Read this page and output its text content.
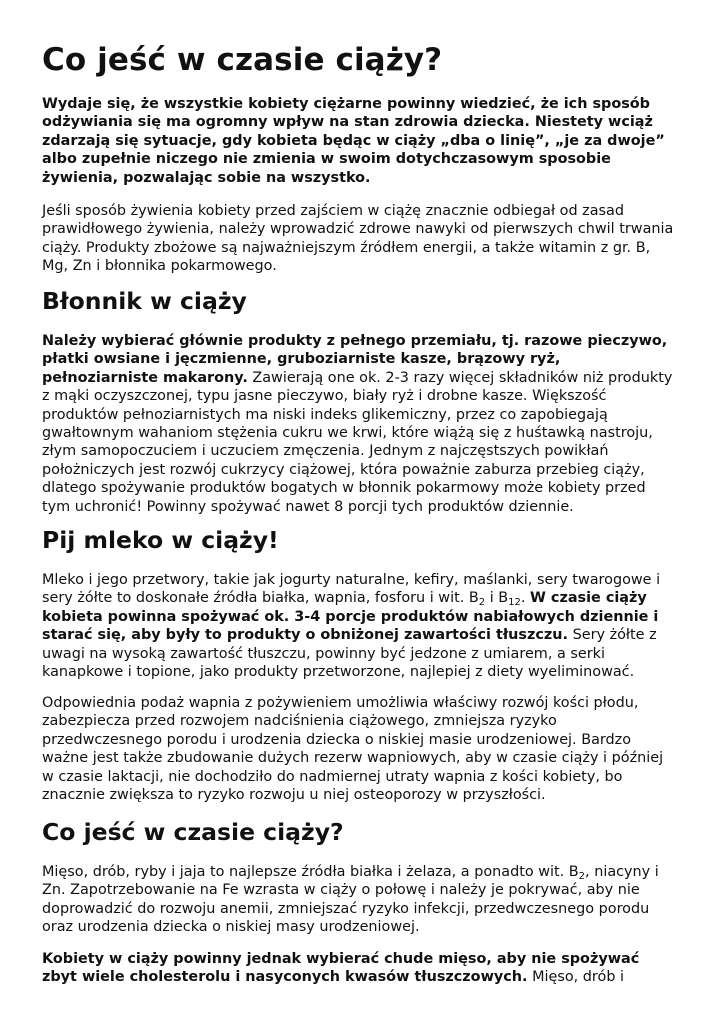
Co jeść w czasie ciąży?
Wydaje się, że wszystkie kobiety ciężarne powinny wiedzieć, że ich sposób
odżywiania się ma ogromny wpływ na stan zdrowia dziecka. Niestety wciąż
zdarzają się sytuacje, gdy kobieta będąc w ciąży „dba o linię”, „je za dwoje”
albo zupełnie niczego nie zmienia w swoim dotychczasowym sposobie
żywienia, pozwalając sobie na wszystko.
Jeśli sposób żywienia kobiety przed zajściem w ciążę znacznie odbiegał od zasad
prawidłowego żywienia, należy wprowadzić zdrowe nawyki od pierwszych chwil trwania
ciąży. Produkty zbożowe są najważniejszym źródłem energii, a także witamin z gr. B,
Mg, Zn i błonnika pokarmowego.
Błonnik w ciąży
Należy wybierać głównie produkty z pełnego przemiału, tj. razowe pieczywo,
płatki owsiane i jęczmienne, gruboziarniste kasze, brązowy ryż,
pełnoziarniste makarony. Zawierają one ok. 2-3 razy więcej składników niż produkty
z mąki oczyszczonej, typu jasne pieczywo, biały ryż i drobne kasze. Większość
produktów pełnoziarnistych ma niski indeks glikemiczny, przez co zapobiegają
gwałtownym wahaniom stężenia cukru we krwi, które wiążą się z huśtawką nastroju,
złym samopoczuciem i uczuciem zmęczenia. Jednym z najczęstszych powikłań
położniczych jest rozwój cukrzycy ciążowej, która poważnie zaburza przebieg ciąży,
dlatego spożywanie produktów bogatych w błonnik pokarmowy może kobiety przed
tym uchronić! Powinny spożywać nawet 8 porcji tych produktów dziennie.
Pij mleko w ciąży!
Mleko i jego przetwory, takie jak jogurty naturalne, kefiry, maślanki, sery twarogowe i
sery żółte to doskonałe źródła białka, wapnia, fosforu i wit. $B_2$ i $B_{12}$. W czasie ciąży
kobieta powinna spożywać ok. 3-4 porcje produktów nabiałowych dziennie i
starać się, aby były to produkty o obniżonej zawartości tłuszczu. Sery żółte z
uwagi na wysoką zawartość tłuszczu, powinny być jedzone z umiarem, a serki
kanapkowe i topione, jako produkty przetworzone, najlepiej z diety wyeliminować.
Odpowiednia podaż wapnia z pożywieniem umożliwia właściwy rozwój kości płodu,
zabezpiecza przed rozwojem nadciśnienia ciążowego, zmniejsza ryzyko
przedwczesnego porodu i urodzenia dziecka o niskiej masie urodzeniowej. Bardzo
ważne jest także zbudowanie dużych rezerw wapniowych, aby w czasie ciąży i później
w czasie laktacji, nie dochodziło do nadmiernej utraty wapnia z kości kobiety, bo
znacznie zwiększa to ryzyko rozwoju u niej osteoporozy w przyszłości.
Co jeść w czasie ciąży?
Mięso, drób, ryby i jaja to najlepsze źródła białka i żelaza, a ponadto wit. $B_2$, niacyny i
Zn. Zapotrzebowanie na Fe wzrasta w ciąży o połowę i należy je pokrywać, aby nie
doprowadzić do rozwoju anemii, zmniejszać ryzyko infekcji, przedwczesnego porodu
oraz urodzenia dziecka o niskiej masy urodzeniowej.
Kobiety w ciąży powinny jednak wybierać chude mięso, aby nie spożywać
zbyt wiele cholesterolu i nasyconych kwasów tłuszczowych. Mięso, drób i
